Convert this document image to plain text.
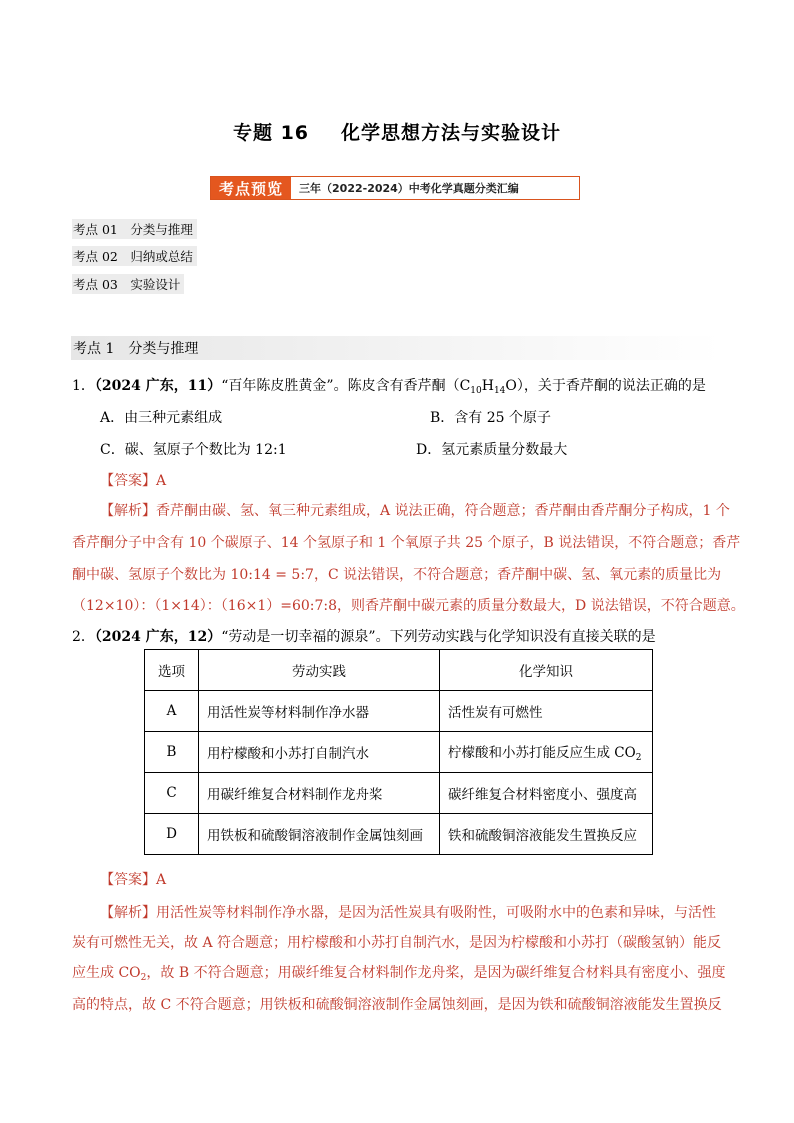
专题 16 化学思想方法与实验设计
考点预览	三年（2022-2024）中考化学真题分类汇编
考点 01　分类与推理
考点 02　归纳或总结
考点 03　实验设计
考点 1　分类与推理
1．（2024 广东，11）“百年陈皮胜黄金”。陈皮含有香芹酮$(C_{10}H_{14}O)$，关于香芹酮的说法正确的是
A．由三种元素组成	B．含有 25 个原子
C．碳、氢原子个数比为 12:1	D．氢元素质量分数最大
【答案】A
【解析】香芹酮由碳、氢、氧三种元素组成，A 说法正确，符合题意；香芹酮由香芹酮分子构成，1 个
香芹酮分子中含有 10 个碳原子、14 个氢原子和 1 个氧原子共 25 个原子，B 说法错误，不符合题意；香芹
酮中碳、氢原子个数比为 10:14 = 5:7，C 说法错误，不符合题意；香芹酮中碳、氢、氧元素的质量比为
（12×10）：（1×14）：（16×1）=60:7:8，则香芹酮中碳元素的质量分数最大，D 说法错误，不符合题意。
2．（2024 广东，12）“劳动是一切幸福的源泉”。下列劳动实践与化学知识没有直接关联的是
选项	劳动实践	化学知识
A	用活性炭等材料制作净水器	活性炭有可燃性
B	用柠檬酸和小苏打自制汽水	柠檬酸和小苏打能反应生成 $CO_2$
C	用碳纤维复合材料制作龙舟桨	碳纤维复合材料密度小、强度高
D	用铁板和硫酸铜溶液制作金属蚀刻画	铁和硫酸铜溶液能发生置换反应
【答案】A
【解析】用活性炭等材料制作净水器，是因为活性炭具有吸附性，可吸附水中的色素和异味，与活性
炭有可燃性无关，故 A 符合题意；用柠檬酸和小苏打自制汽水，是因为柠檬酸和小苏打（碳酸氢钠）能反
应生成 $CO_2$，故 B 不符合题意；用碳纤维复合材料制作龙舟桨，是因为碳纤维复合材料具有密度小、强度
高的特点，故 C 不符合题意；用铁板和硫酸铜溶液制作金属蚀刻画，是因为铁和硫酸铜溶液能发生置换反
